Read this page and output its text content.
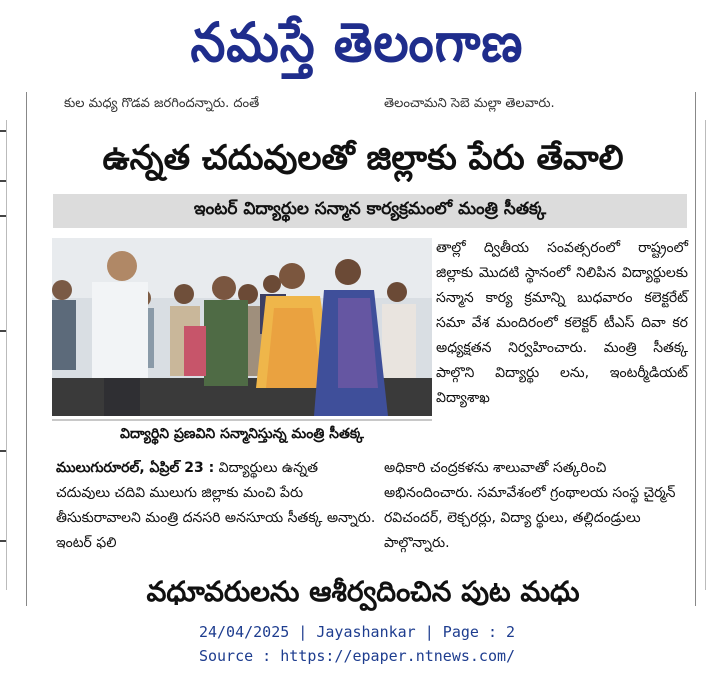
నమస్తే తెలంగాణ
కుల మధ్య గొడవ జరగిందన్నారు. దంతే	తెలంచామని సెబె మల్లా తెలవారు.
ఉన్నత చదువులతో జిల్లాకు పేరు తేవాలి
ఇంటర్ విద్యార్థుల సన్మాన కార్యక్రమంలో మంత్రి సీతక్క
విద్యార్థిని ప్రణవిని సన్మానిస్తున్న మంత్రి సీతక్క

తాల్లో ద్వితీయ సంవత్సరంలో రాష్ట్రంలో జిల్లాకు మొదటి స్థానంలో నిలిపిన విద్యార్థులకు సన్మాన కార్య క్రమాన్ని బుధవారం కలెక్టరేట్ సమా వేశ మందిరంలో కలెక్టర్ టీఎస్ దివా కర అధ్యక్షతన నిర్వహించారు. మంత్రి సీతక్క పాల్గొని విద్యార్థు లను, ఇంటర్మీడియట్ విద్యాశాఖ

ములుగురూరల్, ఏప్రిల్ 23 : విద్యార్థులు ఉన్నత చదువులు చదివి ములుగు జిల్లాకు మంచి పేరు తీసుకురావాలని మంత్రి దనసరి అనసూయ సీతక్క అన్నారు. ఇంటర్ ఫలి

అధికారి చంద్రకళను శాలువాతో సత్కరించి అభినందించారు. సమావేశంలో గ్రంథాలయ సంస్థ చైర్మన్ రవిచందర్, లెక్చరర్లు, విద్యా ర్థులు, తల్లిదండ్రులు పాల్గొన్నారు.

వధూవరులను ఆశీర్వదించిన పుట మధు
24/04/2025 | Jayashankar | Page : 2
Source : https://epaper.ntnews.com/
